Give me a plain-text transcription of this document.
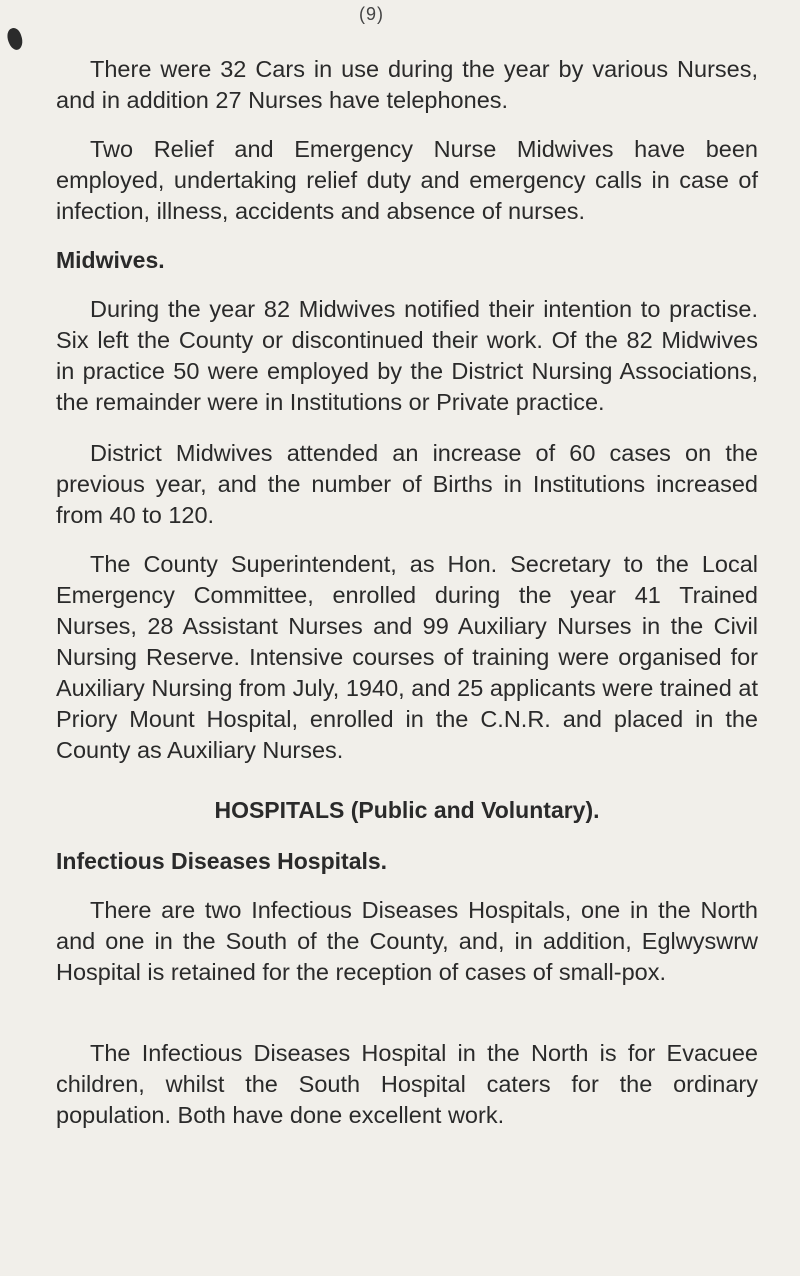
(9)

There were 32 Cars in use during the year by various Nurses, and in addition 27 Nurses have telephones.

Two Relief and Emergency Nurse Midwives have been employed, undertaking relief duty and emergency calls in case of infection, illness, accidents and absence of nurses.

Midwives.

During the year 82 Midwives notified their intention to practise. Six left the County or discontinued their work. Of the 82 Midwives in practice 50 were employed by the District Nursing Associations, the remainder were in Institutions or Private practice.

District Midwives attended an increase of 60 cases on the previous year, and the number of Births in Institutions increased from 40 to 120.

The County Superintendent, as Hon. Secretary to the Local Emergency Committee, enrolled during the year 41 Trained Nurses, 28 Assistant Nurses and 99 Auxiliary Nurses in the Civil Nursing Reserve. Intensive courses of training were organised for Auxiliary Nursing from July, 1940, and 25 applicants were trained at Priory Mount Hospital, enrolled in the C.N.R. and placed in the County as Auxiliary Nurses.

HOSPITALS (Public and Voluntary).
Infectious Diseases Hospitals.

There are two Infectious Diseases Hospitals, one in the North and one in the South of the County, and, in addition, Eglwyswrw Hospital is retained for the reception of cases of small-pox.

The Infectious Diseases Hospital in the North is for Evacuee children, whilst the South Hospital caters for the ordinary population. Both have done excellent work.
